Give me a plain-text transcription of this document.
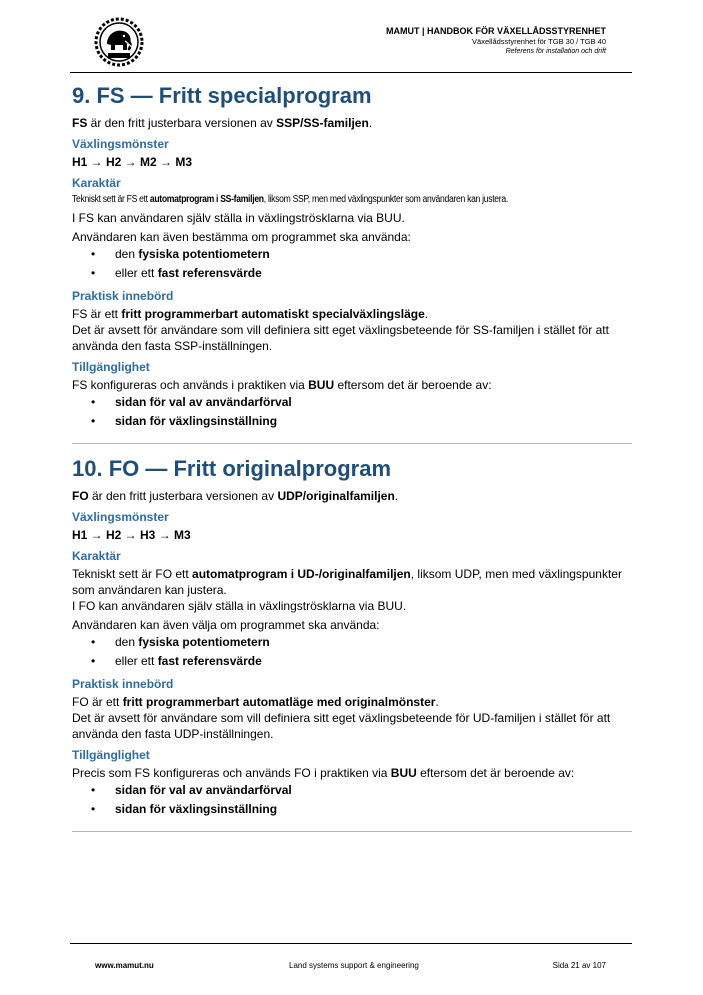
MAMUT | HANDBOK FÖR VÄXELLÅDSSTYRENHET
Växellådsstyrenhet för TGB 30 / TGB 40
Referens för installation och drift
9. FS — Fritt specialprogram

FS är den fritt justerbara versionen av SSP/SS-familjen.

Växlingsmönster

H1 → H2 → M2 → M3

Karaktär
Tekniskt sett är FS ett automatprogram i SS-familjen, liksom SSP, men med växlingspunkter som användaren kan justera.

I FS kan användaren själv ställa in växlingströsklarna via BUU.

Användaren kan även bestämma om programmet ska använda:

• den fysiska potentiometern
• eller ett fast referensvärde
Praktisk innebörd

FS är ett fritt programmerbart automatiskt specialväxlingsläge.

Det är avsett för användare som vill definiera sitt eget växlingsbeteende för SS-familjen i stället för att använda den fasta SSP-inställningen.

Tillgänglighet

FS konfigureras och används i praktiken via BUU eftersom det är beroende av:

• sidan för val av användarförval
• sidan för växlingsinställning
10. FO — Fritt originalprogram

FO är den fritt justerbara versionen av UDP/originalfamiljen.

Växlingsmönster

H1 → H2 → H3 → M3

Karaktär

Tekniskt sett är FO ett automatprogram i UD-/originalfamiljen, liksom UDP, men med växlingspunkter som användaren kan justera.

I FO kan användaren själv ställa in växlingströsklarna via BUU.

Användaren kan även välja om programmet ska använda:

• den fysiska potentiometern
• eller ett fast referensvärde
Praktisk innebörd

FO är ett fritt programmerbart automatläge med originalmönster.

Det är avsett för användare som vill definiera sitt eget växlingsbeteende för UD-familjen i stället för att använda den fasta UDP-inställningen.

Tillgänglighet

Precis som FS konfigureras och används FO i praktiken via BUU eftersom det är beroende av:

• sidan för val av användarförval
• sidan för växlingsinställning
www.mamut.nu	Land systems support & engineering	Sida 21 av 107
